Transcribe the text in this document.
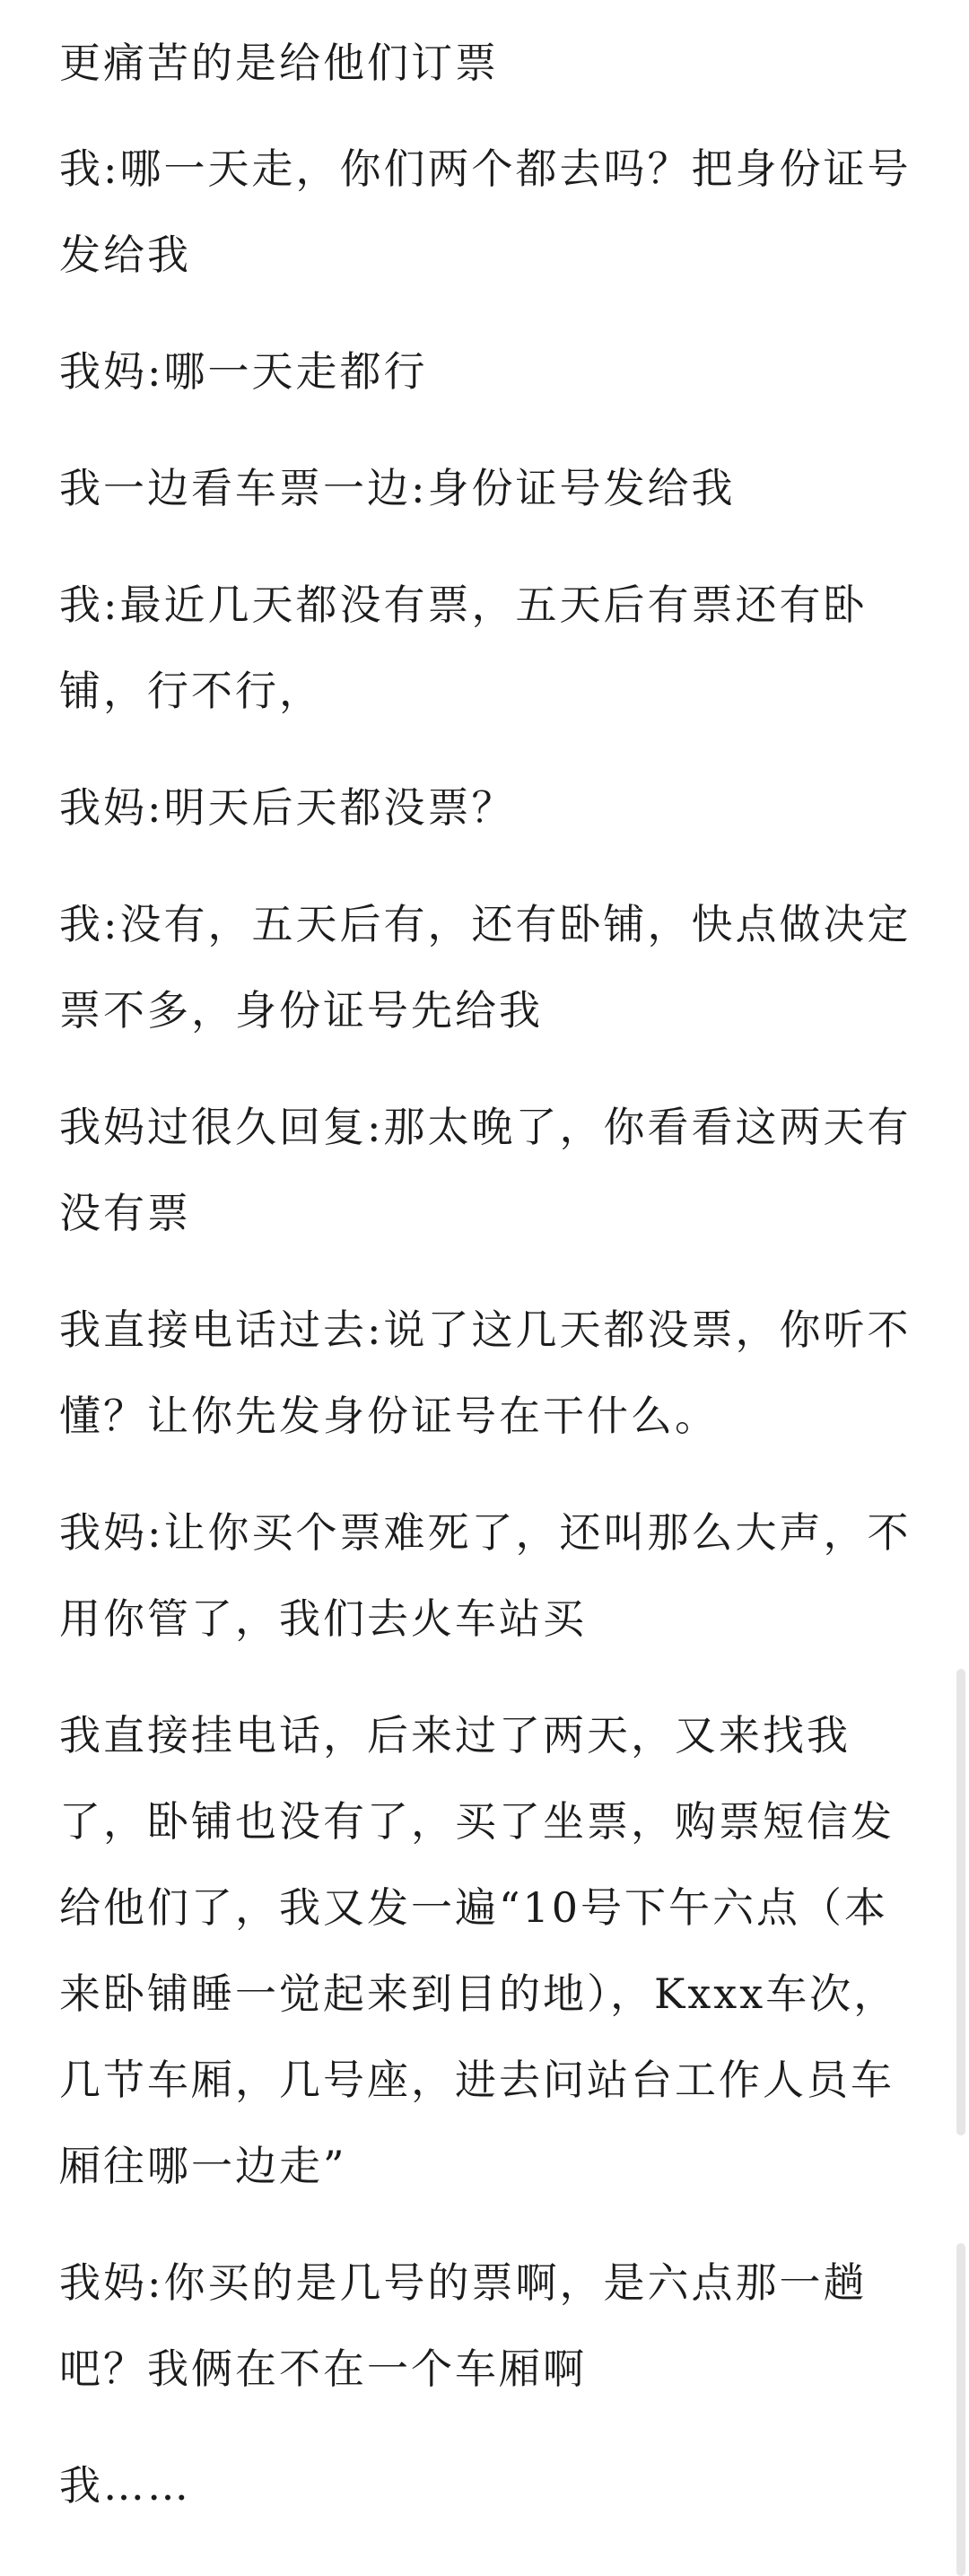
更痛苦的是给他们订票

我:哪一天走，你们两个都去吗？把身份证号发给我

我妈:哪一天走都行

我一边看车票一边:身份证号发给我

我:最近几天都没有票，五天后有票还有卧铺，行不行，

我妈:明天后天都没票？

我:没有，五天后有，还有卧铺，快点做决定票不多，身份证号先给我

我妈过很久回复:那太晚了，你看看这两天有没有票

我直接电话过去:说了这几天都没票，你听不懂？让你先发身份证号在干什么。

我妈:让你买个票难死了，还叫那么大声，不用你管了，我们去火车站买

我直接挂电话，后来过了两天，又来找我了，卧铺也没有了，买了坐票，购票短信发给他们了，我又发一遍“10号下午六点（本来卧铺睡一觉起来到目的地），Kxxx车次，几节车厢，几号座，进去问站台工作人员车厢往哪一边走”

我妈:你买的是几号的票啊，是六点那一趟吧？我俩在不在一个车厢啊

我……
